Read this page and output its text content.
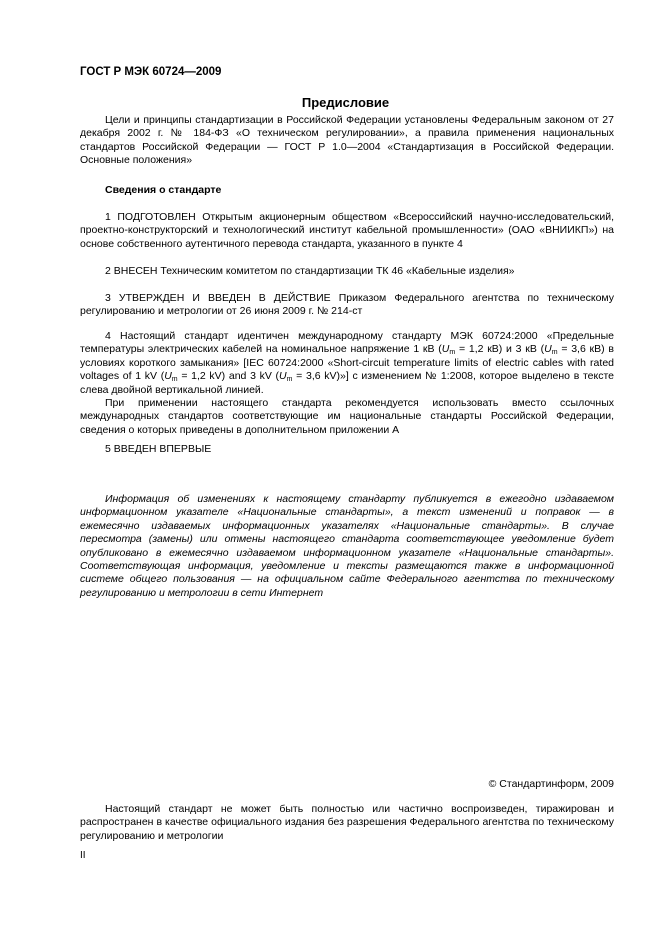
ГОСТ Р МЭК 60724—2009
Предисловие

Цели и принципы стандартизации в Российской Федерации установлены Федеральным законом от 27 декабря 2002 г. № 184-ФЗ «О техническом регулировании», а правила применения национальных стандартов Российской Федерации — ГОСТ Р 1.0—2004 «Стандартизация в Российской Федерации. Основные положения»

Сведения о стандарте

1 ПОДГОТОВЛЕН Открытым акционерным обществом «Всероссийский научно-исследовательский, проектно-конструкторский и технологический институт кабельной промышленности» (ОАО «ВНИИКП») на основе собственного аутентичного перевода стандарта, указанного в пункте 4

2 ВНЕСЕН Техническим комитетом по стандартизации ТК 46 «Кабельные изделия»

3 УТВЕРЖДЕН И ВВЕДЕН В ДЕЙСТВИЕ Приказом Федерального агентства по техническому регулированию и метрологии от 26 июня 2009 г. № 214-ст

4 Настоящий стандарт идентичен международному стандарту МЭК 60724:2000 «Предельные температуры электрических кабелей на номинальное напряжение 1 кВ ($U_m = 1,2$ кВ) и 3 кВ ($U_m = 3,6$ кВ) в условиях короткого замыкания» [IEC 60724:2000 «Short-circuit temperature limits of electric cables with rated voltages of 1 kV ($U_m = 1,2$ kV) and 3 kV ($U_m = 3,6$ kV)»] с изменением № 1:2008, которое выделено в тексте слева двойной вертикальной линией.

При применении настоящего стандарта рекомендуется использовать вместо ссылочных международных стандартов соответствующие им национальные стандарты Российской Федерации, сведения о которых приведены в дополнительном приложении А

5 ВВЕДЕН ВПЕРВЫЕ

Информация об изменениях к настоящему стандарту публикуется в ежегодно издаваемом информационном указателе «Национальные стандарты», а текст изменений и поправок — в ежемесячно издаваемых информационных указателях «Национальные стандарты». В случае пересмотра (замены) или отмены настоящего стандарта соответствующее уведомление будет опубликовано в ежемесячно издаваемом информационном указателе «Национальные стандарты». Соответствующая информация, уведомление и тексты размещаются также в информационной системе общего пользования — на официальном сайте Федерального агентства по техническому регулированию и метрологии в сети Интернет

© Стандартинформ, 2009

Настоящий стандарт не может быть полностью или частично воспроизведен, тиражирован и распространен в качестве официального издания без разрешения Федерального агентства по техническому регулированию и метрологии

II
